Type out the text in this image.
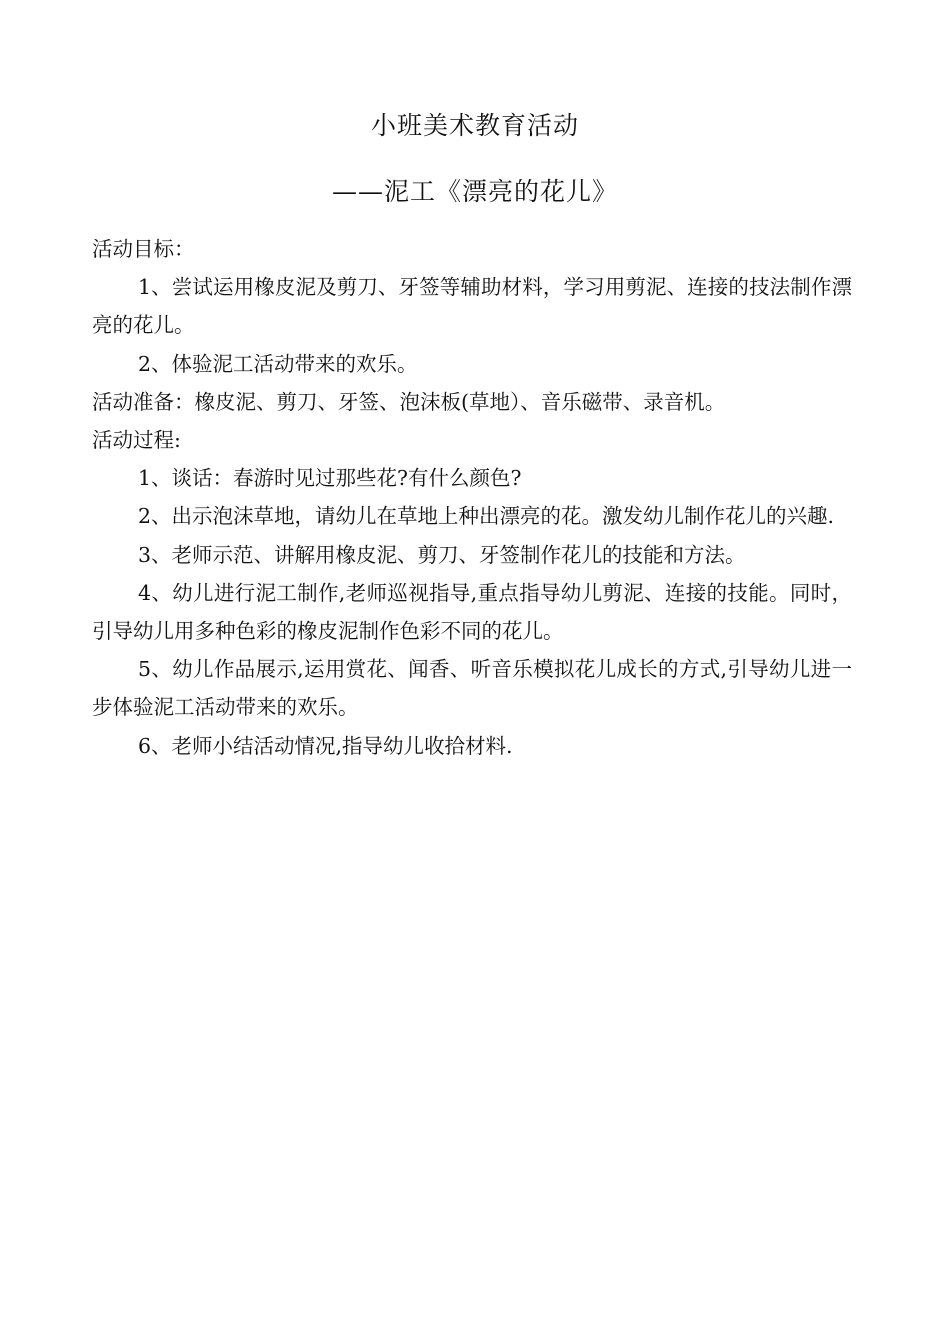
小班美术教育活动
——泥工《漂亮的花儿》

活动目标：

1、尝试运用橡皮泥及剪刀、牙签等辅助材料，学习用剪泥、连接的技法制作漂亮的花儿。

2、体验泥工活动带来的欢乐。

活动准备：橡皮泥、剪刀、牙签、泡沫板(草地）、音乐磁带、录音机。

活动过程:

1、谈话：春游时见过那些花?有什么颜色?

2、出示泡沫草地，请幼儿在草地上种出漂亮的花。激发幼儿制作花儿的兴趣.

3、老师示范、讲解用橡皮泥、剪刀、牙签制作花儿的技能和方法。

4、幼儿进行泥工制作,老师巡视指导,重点指导幼儿剪泥、连接的技能。同时，引导幼儿用多种色彩的橡皮泥制作色彩不同的花儿。

5、幼儿作品展示,运用赏花、闻香、听音乐模拟花儿成长的方式,引导幼儿进一步体验泥工活动带来的欢乐。

6、老师小结活动情况,指导幼儿收拾材料.
